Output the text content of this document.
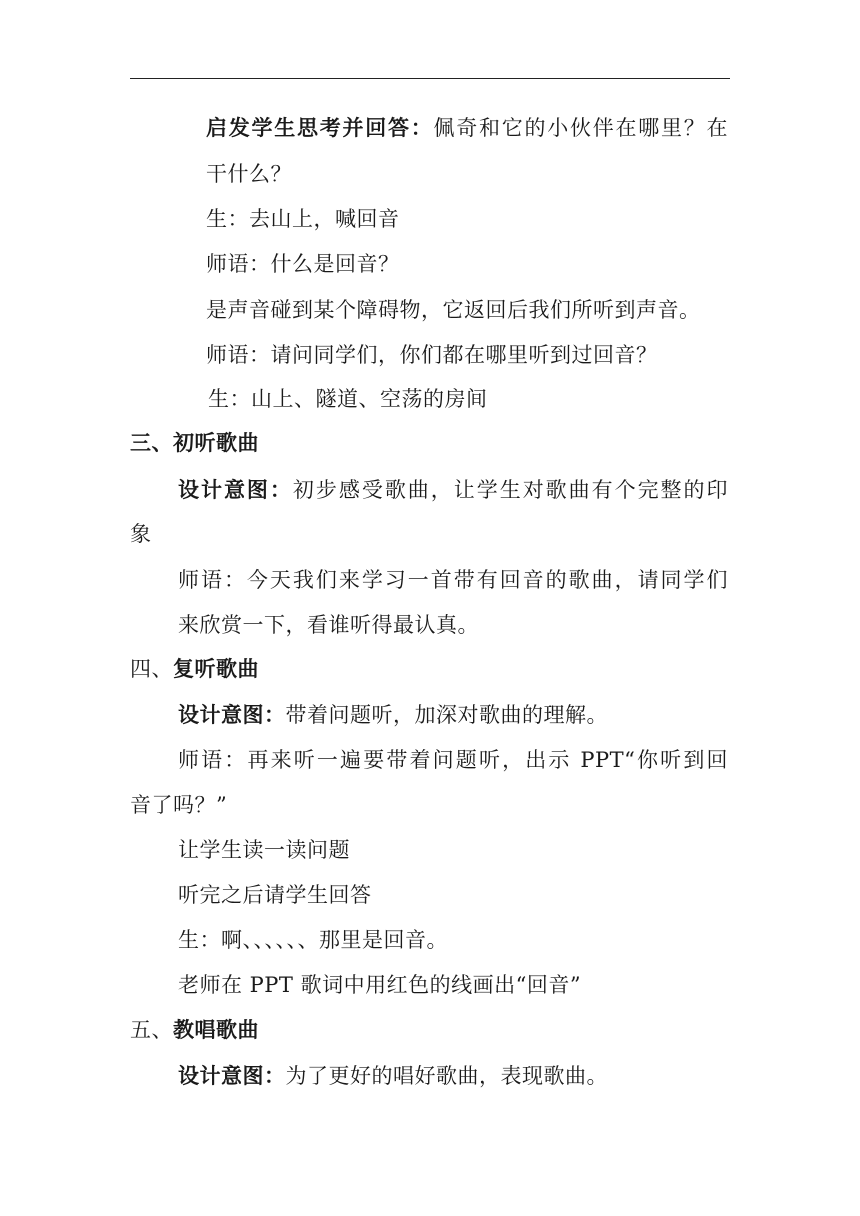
启发学生思考并回答：佩奇和它的小伙伴在哪里？在
干什么？
生：去山上，喊回音
师语：什么是回音？
是声音碰到某个障碍物，它返回后我们所听到声音。
师语：请问同学们，你们都在哪里听到过回音？
生：山上、隧道、空荡的房间
三、初听歌曲
设计意图：初步感受歌曲，让学生对歌曲有个完整的印
象
师语：今天我们来学习一首带有回音的歌曲，请同学们
来欣赏一下，看谁听得最认真。
四、复听歌曲
设计意图：带着问题听，加深对歌曲的理解。
师语：再来听一遍要带着问题听，出示 PPT“你听到回
音了吗？”
让学生读一读问题
听完之后请学生回答
生：啊、、、、、、那里是回音。
老师在 PPT 歌词中用红色的线画出“回音”
五、教唱歌曲
设计意图：为了更好的唱好歌曲，表现歌曲。
